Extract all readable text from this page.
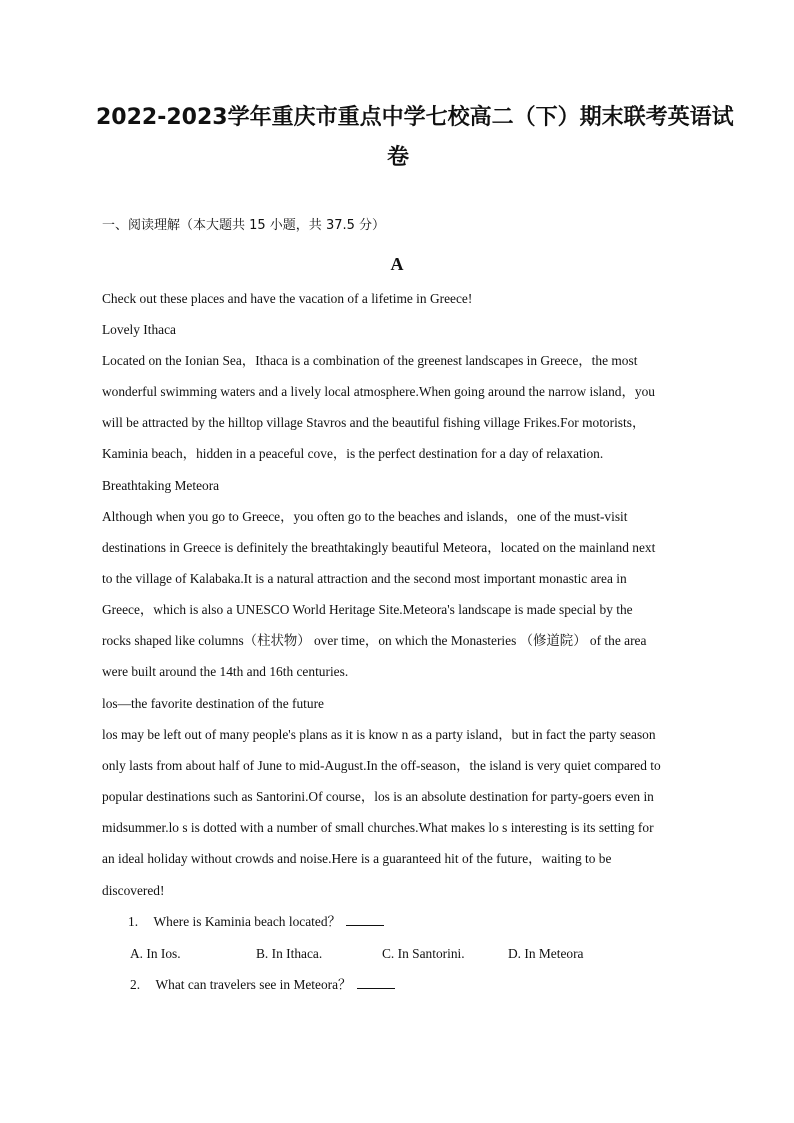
2022-2023学年重庆市重点中学七校高二（下）期末联考英语试
卷
一、阅读理解（本大题共 15 小题，共 37.5 分）
A
Check out these places and have the vacation of a lifetime in Greece!
Lovely Ithaca
Located on the Ionian Sea，Ithaca is a combination of the greenest landscapes in Greece，the most
wonderful swimming waters and a lively local atmosphere.When going around the narrow island，you
will be attracted by the hilltop village Stavros and the beautiful fishing village Frikes.For motorists，
Kaminia beach，hidden in a peaceful cove，is the perfect destination for a day of relaxation.
Breathtaking Meteora
Although when you go to Greece，you often go to the beaches and islands，one of the must-visit
destinations in Greece is definitely the breathtakingly beautiful Meteora，located on the mainland next
to the village of Kalabaka.It is a natural attraction and the second most important monastic area in
Greece，which is also a UNESCO World Heritage Site.Meteora's landscape is made special by the
rocks shaped like columns（柱状物） over time，on which the Monasteries （修道院） of the area
were built around the 14th and 16th centuries.
los—the favorite destination of the future
los may be left out of many people's plans as it is know n as a party island，but in fact the party season
only lasts from about half of June to mid-August.In the off-season，the island is very quiet compared to
popular destinations such as Santorini.Of course，los is an absolute destination for party-goers even in
midsummer.lo s is dotted with a number of small churches.What makes lo s interesting is its setting for
an ideal holiday without crowds and noise.Here is a guaranteed hit of the future，waiting to be
discovered!
1. Where is Kaminia beach located？
A. In Ios.	B. In Ithaca.	C. In Santorini.	D. In Meteora
2. What can travelers see in Meteora？
